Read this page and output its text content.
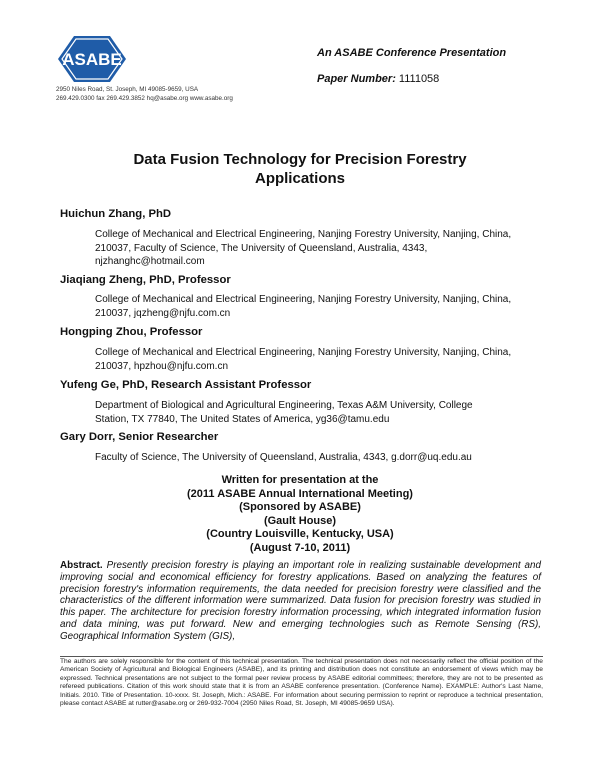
ASABE
2950 Niles Road, St. Joseph, MI 49085-9659, USA
269.429.0300 fax 269.429.3852 hq@asabe.org www.asabe.org
An ASABE Conference Presentation
Paper Number: 1111058
Data Fusion Technology for Precision Forestry
Applications
Huichun Zhang, PhD
College of Mechanical and Electrical Engineering, Nanjing Forestry University, Nanjing, China,
210037, Faculty of Science, The University of Queensland, Australia, 4343,
njzhanghc@hotmail.com
Jiaqiang Zheng, PhD, Professor
College of Mechanical and Electrical Engineering, Nanjing Forestry University, Nanjing, China,
210037, jqzheng@njfu.com.cn
Hongping Zhou, Professor
College of Mechanical and Electrical Engineering, Nanjing Forestry University, Nanjing, China,
210037, hpzhou@njfu.com.cn
Yufeng Ge, PhD, Research Assistant Professor
Department of Biological and Agricultural Engineering, Texas A&M University, College
Station, TX 77840, The United States of America, yg36@tamu.edu
Gary Dorr, Senior Researcher
Faculty of Science, The University of Queensland, Australia, 4343, g.dorr@uq.edu.au
Written for presentation at the
(2011 ASABE Annual International Meeting)
(Sponsored by ASABE)
(Gault House)
(Country Louisville, Kentucky, USA)
(August 7-10, 2011)
Abstract. Presently precision forestry is playing an important role in realizing sustainable development and improving social and economical efficiency for forestry applications. Based on analyzing the features of precision forestry's information requirements, the data needed for precision forestry were classified and the characteristics of the different information were summarized. Data fusion for precision forestry was studied in this paper. The architecture for precision forestry information processing, which integrated information fusion and data mining, was put forward. New and emerging technologies such as Remote Sensing (RS), Geographical Information System (GIS),
The authors are solely responsible for the content of this technical presentation. The technical presentation does not necessarily reflect the official position of the American Society of Agricultural and Biological Engineers (ASABE), and its printing and distribution does not constitute an endorsement of views which may be expressed. Technical presentations are not subject to the formal peer review process by ASABE editorial committees; therefore, they are not to be presented as refereed publications. Citation of this work should state that it is from an ASABE conference presentation. (Conference Name). EXAMPLE: Author's Last Name, Initials. 2010. Title of Presentation. 10-xxxx. St. Joseph, Mich.: ASABE. For information about securing permission to reprint or reproduce a technical presentation, please contact ASABE at rutter@asabe.org or 269-932-7004 (2950 Niles Road, St. Joseph, MI 49085-9659 USA).
